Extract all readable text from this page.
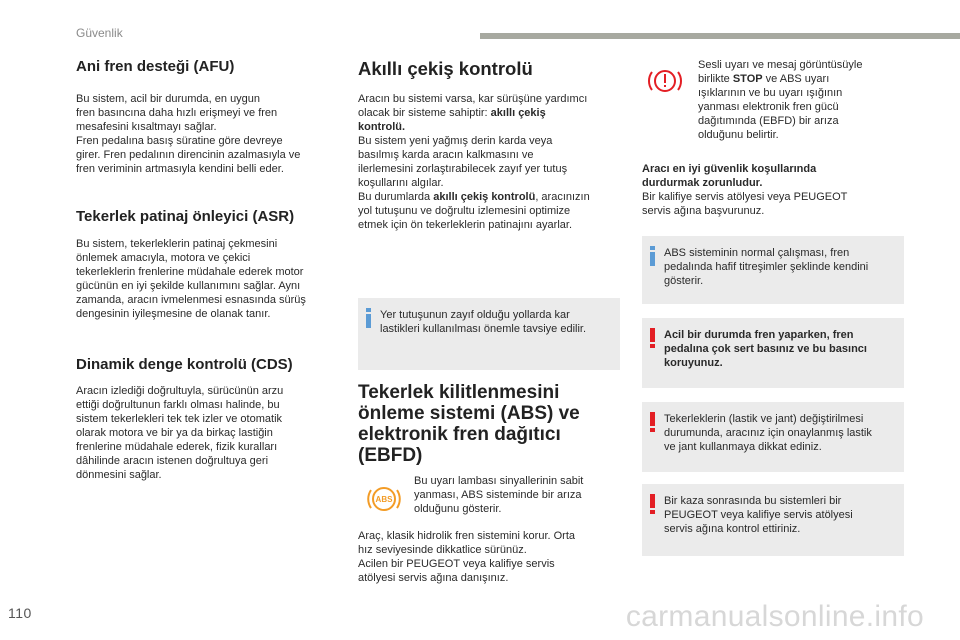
Güvenlik
Ani fren desteği (AFU)

Bu sistem, acil bir durumda, en uygun

fren basıncına daha hızlı erişmeyi ve fren

mesafesini kısaltmayı sağlar.

Fren pedalına basış süratine göre devreye

girer. Fren pedalının direncinin azalmasıyla ve

fren veriminin artmasıyla kendini belli eder.

Tekerlek patinaj önleyici (ASR)

Bu sistem, tekerleklerin patinaj çekmesini

önlemek amacıyla, motora ve çekici

tekerleklerin frenlerine müdahale ederek motor

gücünün en iyi şekilde kullanımını sağlar. Aynı

zamanda, aracın ivmelenmesi esnasında sürüş

dengesinin iyileşmesine de olanak tanır.

Dinamik denge kontrolü (CDS)

Aracın izlediği doğrultuyla, sürücünün arzu

ettiği doğrultunun farklı olması halinde, bu

sistem tekerlekleri tek tek izler ve otomatik

olarak motora ve bir ya da birkaç lastiğin

frenlerine müdahale ederek, fizik kuralları

dâhilinde aracın istenen doğrultuya geri

dönmesini sağlar.

Akıllı çekiş kontrolü

Aracın bu sistemi varsa, kar sürüşüne yardımcı

olacak bir sisteme sahiptir: akıllı çekiş

kontrolü.

Bu sistem yeni yağmış derin karda veya

basılmış karda aracın kalkmasını ve

ilerlemesini zorlaştırabilecek zayıf yer tutuş

koşullarını algılar.

Bu durumlarda akıllı çekiş kontrolü, aracınızın

yol tutuşunu ve doğrultu izlemesini optimize

etmek için ön tekerleklerin patinajını ayarlar.

Yer tutuşunun zayıf olduğu yollarda kar

lastikleri kullanılması önemle tavsiye edilir.

Tekerlek kilitlenmesini
önleme sistemi (ABS) ve
elektronik fren dağıtıcı
(EBFD)
ABS

Bu uyarı lambası sinyallerinin sabit

yanması, ABS sisteminde bir arıza

olduğunu gösterir.

Araç, klasik hidrolik fren sistemini korur. Orta

hız seviyesinde dikkatlice sürünüz.

Acilen bir PEUGEOT veya kalifiye servis

atölyesi servis ağına danışınız.

Sesli uyarı ve mesaj görüntüsüyle

birlikte STOP ve ABS uyarı

ışıklarının ve bu uyarı ışığının

yanması elektronik fren gücü

dağıtımında (EBFD) bir arıza

olduğunu belirtir.

Aracı en iyi güvenlik koşullarında

durdurmak zorunludur.

Bir kalifiye servis atölyesi veya PEUGEOT

servis ağına başvurunuz.

ABS sisteminin normal çalışması, fren

pedalında hafif titreşimler şeklinde kendini

gösterir.

Acil bir durumda fren yaparken, fren

pedalına çok sert basınız ve bu basıncı

koruyunuz.

Tekerleklerin (lastik ve jant) değiştirilmesi

durumunda, aracınız için onaylanmış lastik

ve jant kullanmaya dikkat ediniz.

Bir kaza sonrasında bu sistemleri bir

PEUGEOT veya kalifiye servis atölyesi

servis ağına kontrol ettiriniz.

110	carmanualsonline.info
